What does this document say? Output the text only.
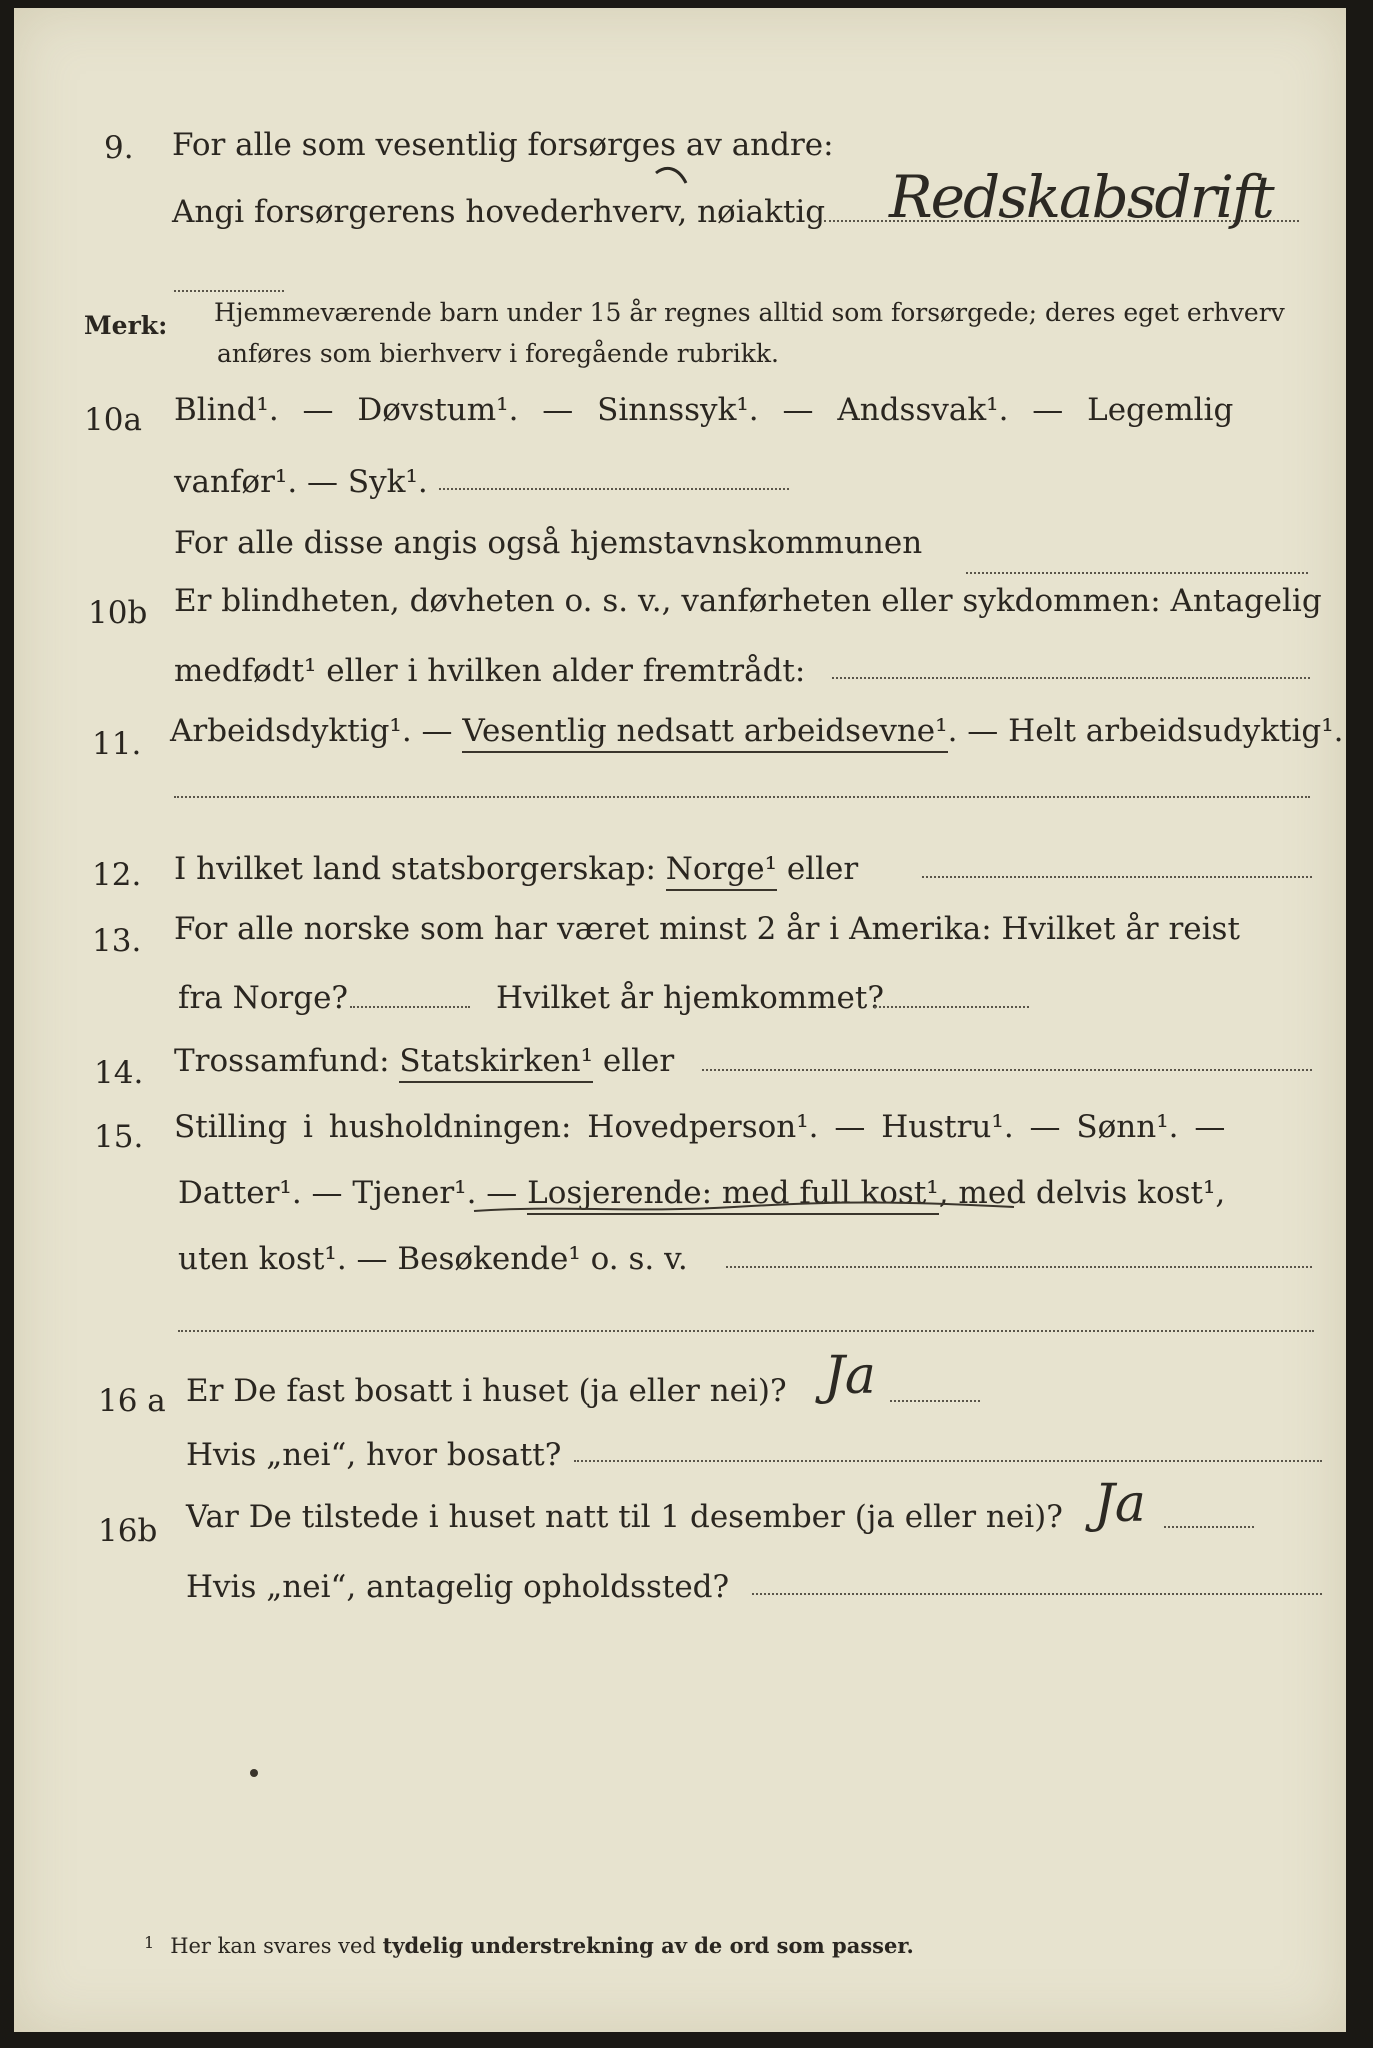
9. For alle som vesentlig forsørges av andre:
Angi forsørgerens hovederhverv, nøiaktig Redskabsdrift
Merk: Hjemmeværende barn under 15 år regnes alltid som forsørgede; deres eget erhverv
anføres som bierhverv i foregående rubrikk.
10a Blind¹. — Døvstum¹. — Sinnssyk¹. — Andssvak¹. — Legemlig
vanfør¹. — Syk¹.
For alle disse angis også hjemstavnskommunen
10b Er blindheten, døvheten o. s. v., vanførheten eller sykdommen: Antagelig
medfødt¹ eller i hvilken alder fremtrådt:
11. Arbeidsdyktig¹. — Vesentlig nedsatt arbeidsevne¹. — Helt arbeidsudyktig¹.
12. I hvilket land statsborgerskap: Norge¹ eller
13. For alle norske som har været minst 2 år i Amerika: Hvilket år reist
fra Norge?	Hvilket år hjemkommet?
14. Trossamfund: Statskirken¹ eller
15. Stilling i husholdningen: Hovedperson¹. — Hustru¹. — Sønn¹. —
Datter¹. — Tjener¹. — Losjerende: med full kost¹, med delvis kost¹,
uten kost¹. — Besøkende¹ o. s. v.
16 a Er De fast bosatt i huset (ja eller nei)? Ja
Hvis „nei“, hvor bosatt?
16b Var De tilstede i huset natt til 1 desember (ja eller nei)? Ja
Hvis „nei“, antagelig opholdssted?
$^1$ Her kan svares ved tydelig understrekning av de ord som passer.
